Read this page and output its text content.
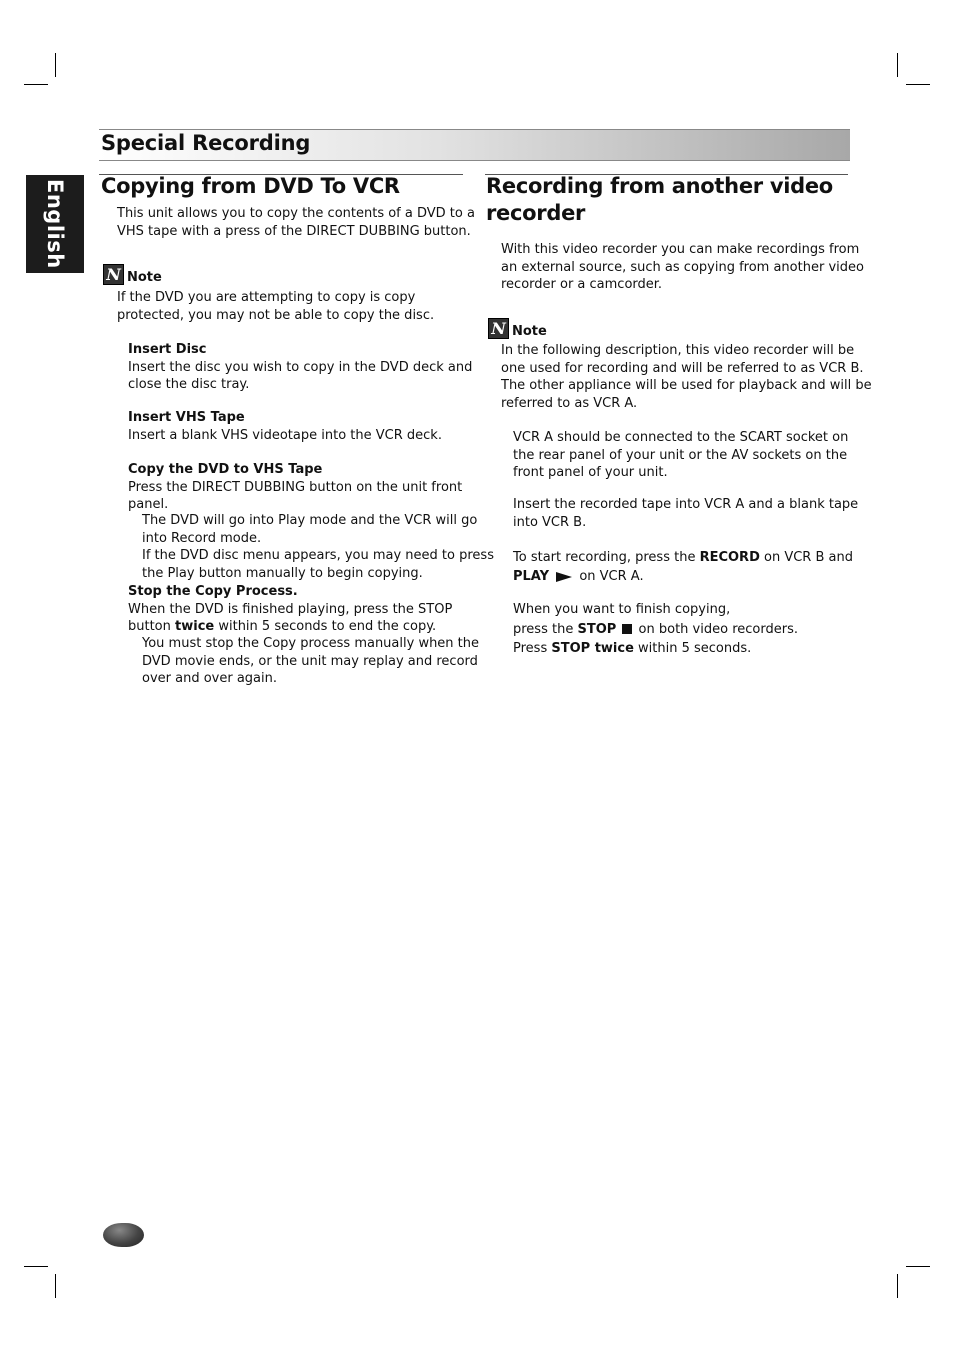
Special Recording
English	Copying from DVD To VCR

This unit allows you to copy the contents of a DVD to a
VHS tape with a press of the DIRECT DUBBING button.

N Note

If the DVD you are attempting to copy is copy
protected, you may not be able to copy the disc.

Insert Disc
Insert the disc you wish to copy in the DVD deck and
close the disc tray.

Insert VHS Tape
Insert a blank VHS videotape into the VCR deck.

Copy the DVD to VHS Tape
Press the DIRECT DUBBING button on the unit front
panel.

The DVD will go into Play mode and the VCR will go
into Record mode.
If the DVD disc menu appears, you may need to press
the Play button manually to begin copying.

Stop the Copy Process.
When the DVD is finished playing, press the STOP
button twice within 5 seconds to end the copy.

You must stop the Copy process manually when the
DVD movie ends, or the unit may replay and record
over and over again.

Recording from another video
recorder

With this video recorder you can make recordings from
an external source, such as copying from another video
recorder or a camcorder.

N Note

In the following description, this video recorder will be
one used for recording and will be referred to as VCR B.
The other appliance will be used for playback and will be
referred to as VCR A.

VCR A should be connected to the SCART socket on
the rear panel of your unit or the AV sockets on the
front panel of your unit.

Insert the recorded tape into VCR A and a blank tape
into VCR B.

To start recording, press the RECORD on VCR B and
PLAY  on VCR A.

When you want to finish copying,
press the STOP  on both video recorders.
Press STOP twice within 5 seconds.
